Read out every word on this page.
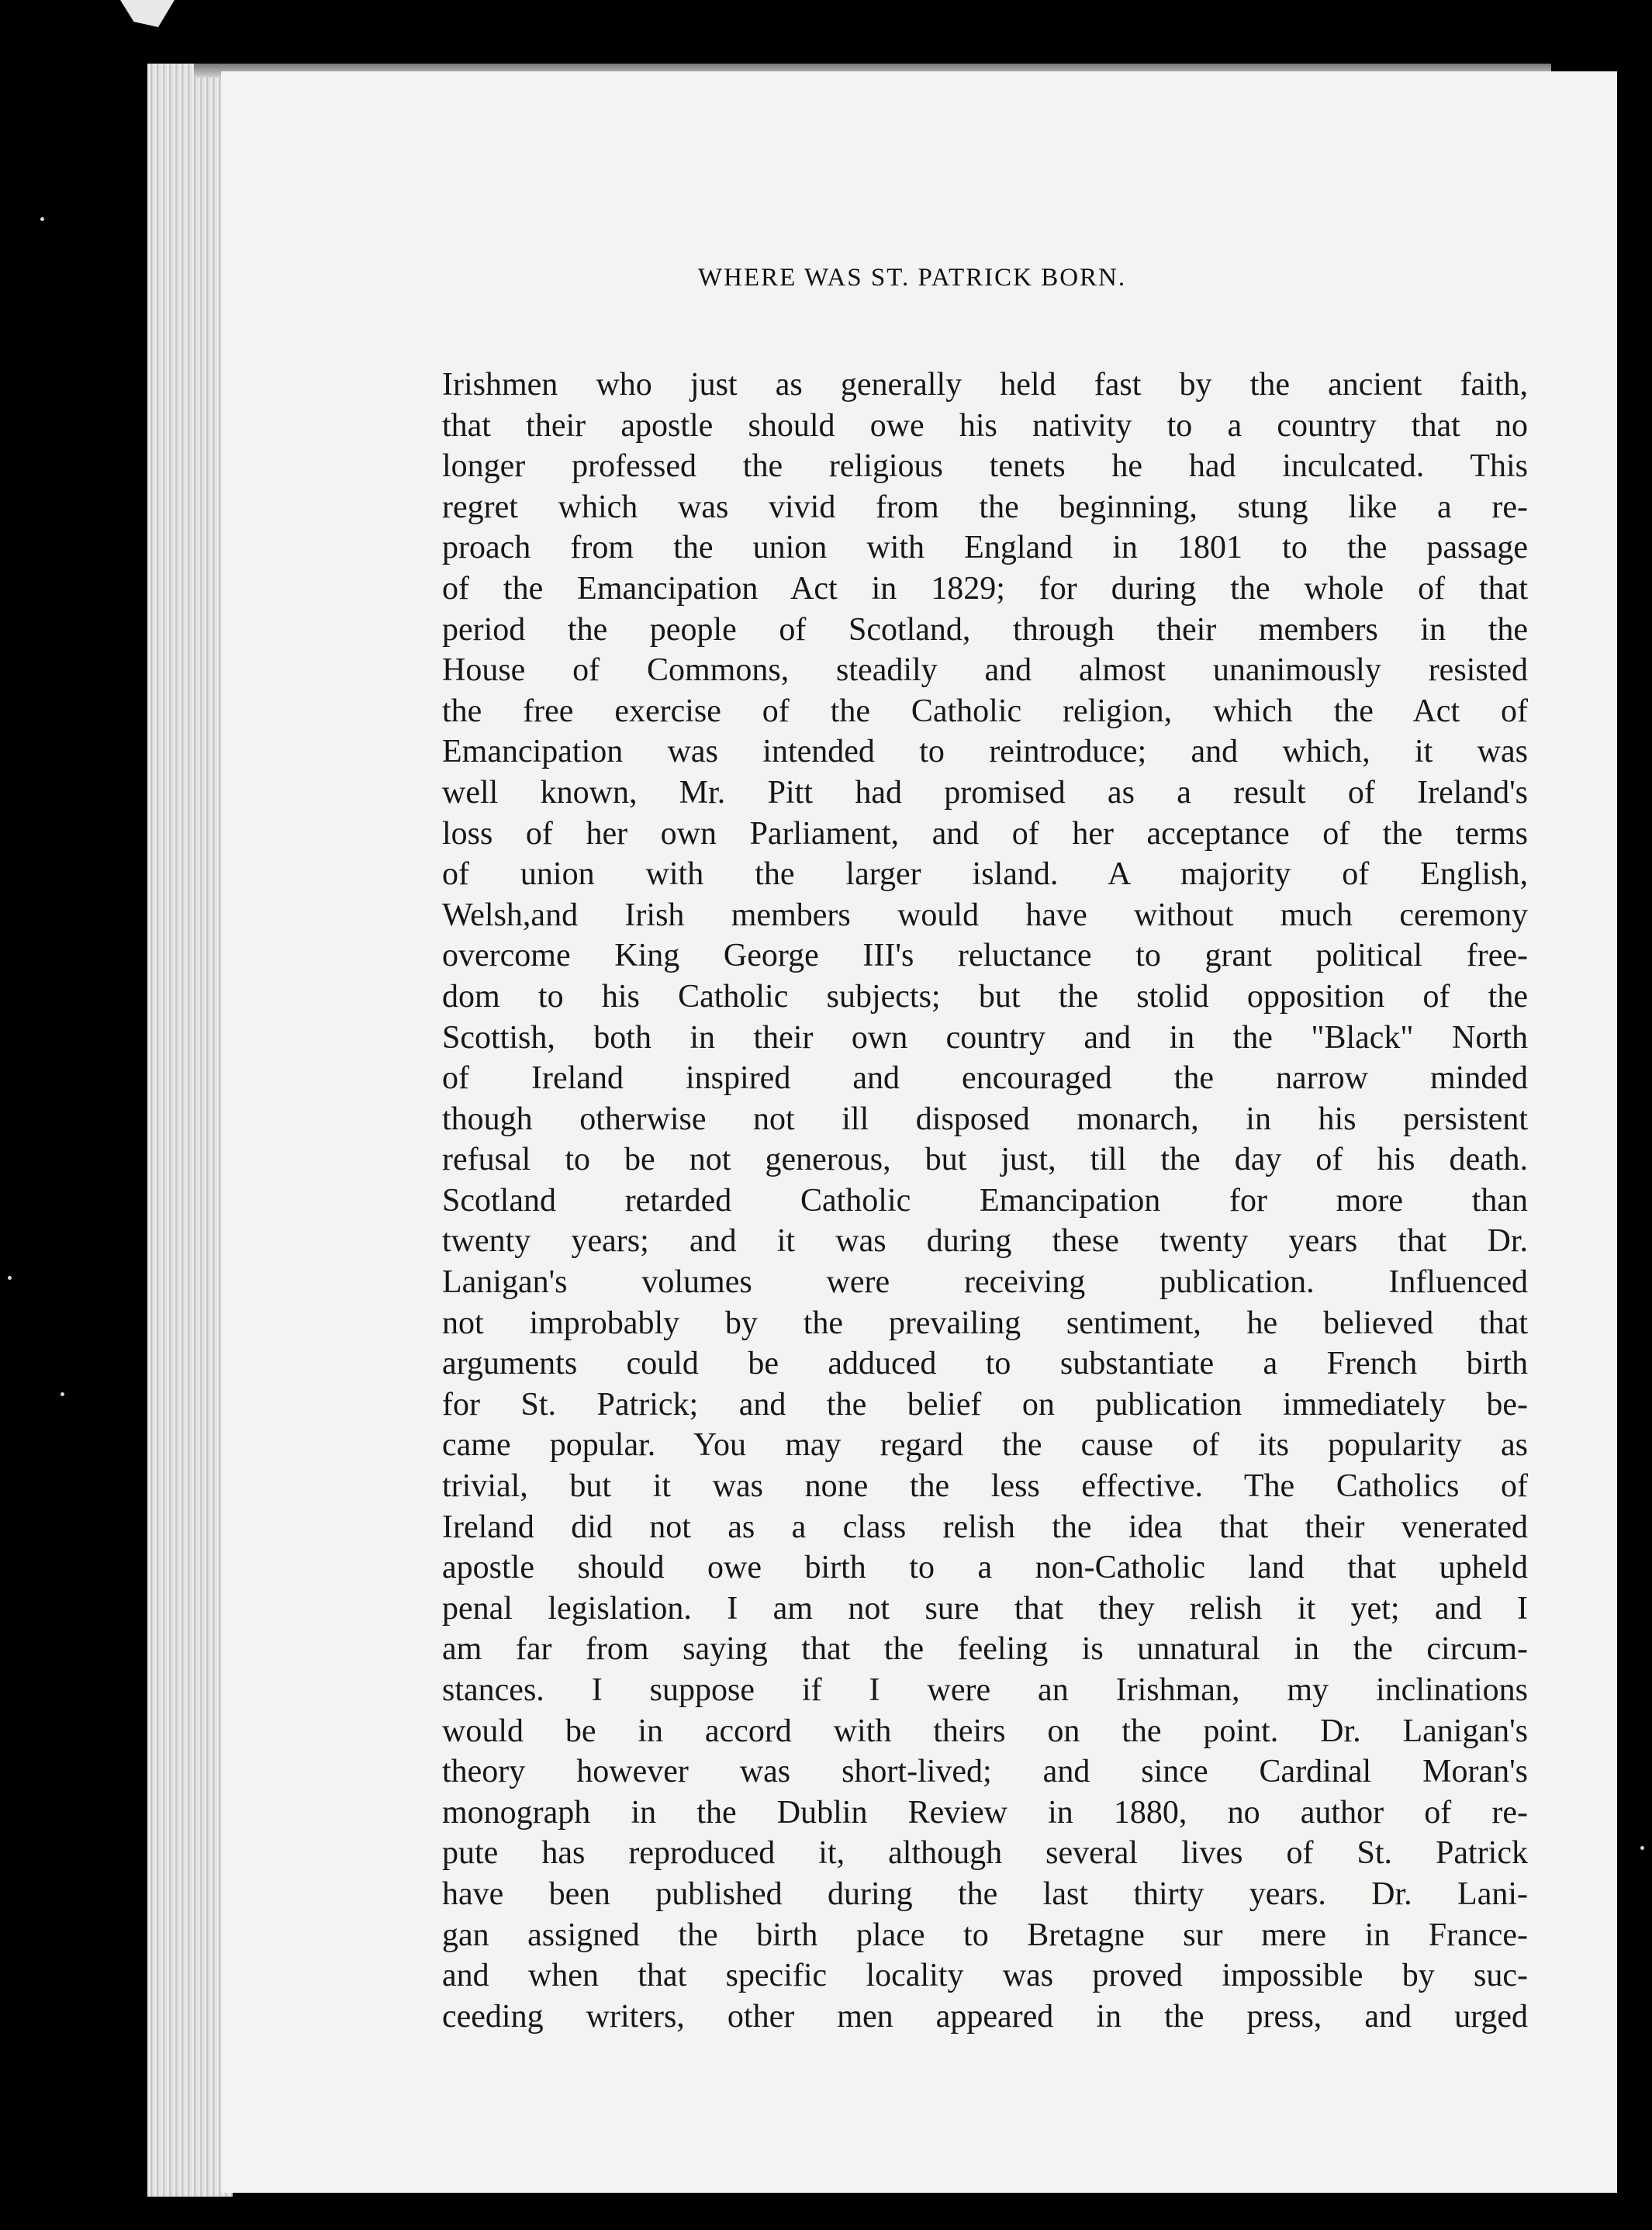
WHERE WAS ST. PATRICK BORN.
Irishmen who just as generally held fast by the ancient faith,
that their apostle should owe his nativity to a country that no
longer professed the religious tenets he had inculcated. This
regret which was vivid from the beginning, stung like a re-
proach from the union with England in 1801 to the passage
of the Emancipation Act in 1829; for during the whole of that
period the people of Scotland, through their members in the
House of Commons, steadily and almost unanimously resisted
the free exercise of the Catholic religion, which the Act of
Emancipation was intended to reintroduce; and which, it was
well known, Mr. Pitt had promised as a result of Ireland's
loss of her own Parliament, and of her acceptance of the terms
of union with the larger island. A majority of English,
Welsh,and Irish members would have without much ceremony
overcome King George III's reluctance to grant political free-
dom to his Catholic subjects; but the stolid opposition of the
Scottish, both in their own country and in the "Black" North
of Ireland inspired and encouraged the narrow minded
though otherwise not ill disposed monarch, in his persistent
refusal to be not generous, but just, till the day of his death.
Scotland retarded Catholic Emancipation for more than
twenty years; and it was during these twenty years that Dr.
Lanigan's volumes were receiving publication. Influenced
not improbably by the prevailing sentiment, he believed that
arguments could be adduced to substantiate a French birth
for St. Patrick; and the belief on publication immediately be-
came popular. You may regard the cause of its popularity as
trivial, but it was none the less effective. The Catholics of
Ireland did not as a class relish the idea that their venerated
apostle should owe birth to a non-Catholic land that upheld
penal legislation. I am not sure that they relish it yet; and I
am far from saying that the feeling is unnatural in the circum-
stances. I suppose if I were an Irishman, my inclinations
would be in accord with theirs on the point. Dr. Lanigan's
theory however was short-lived; and since Cardinal Moran's
monograph in the Dublin Review in 1880, no author of re-
pute has reproduced it, although several lives of St. Patrick
have been published during the last thirty years. Dr. Lani-
gan assigned the birth place to Bretagne sur mere in France-
and when that specific locality was proved impossible by suc-
ceeding writers, other men appeared in the press, and urged
